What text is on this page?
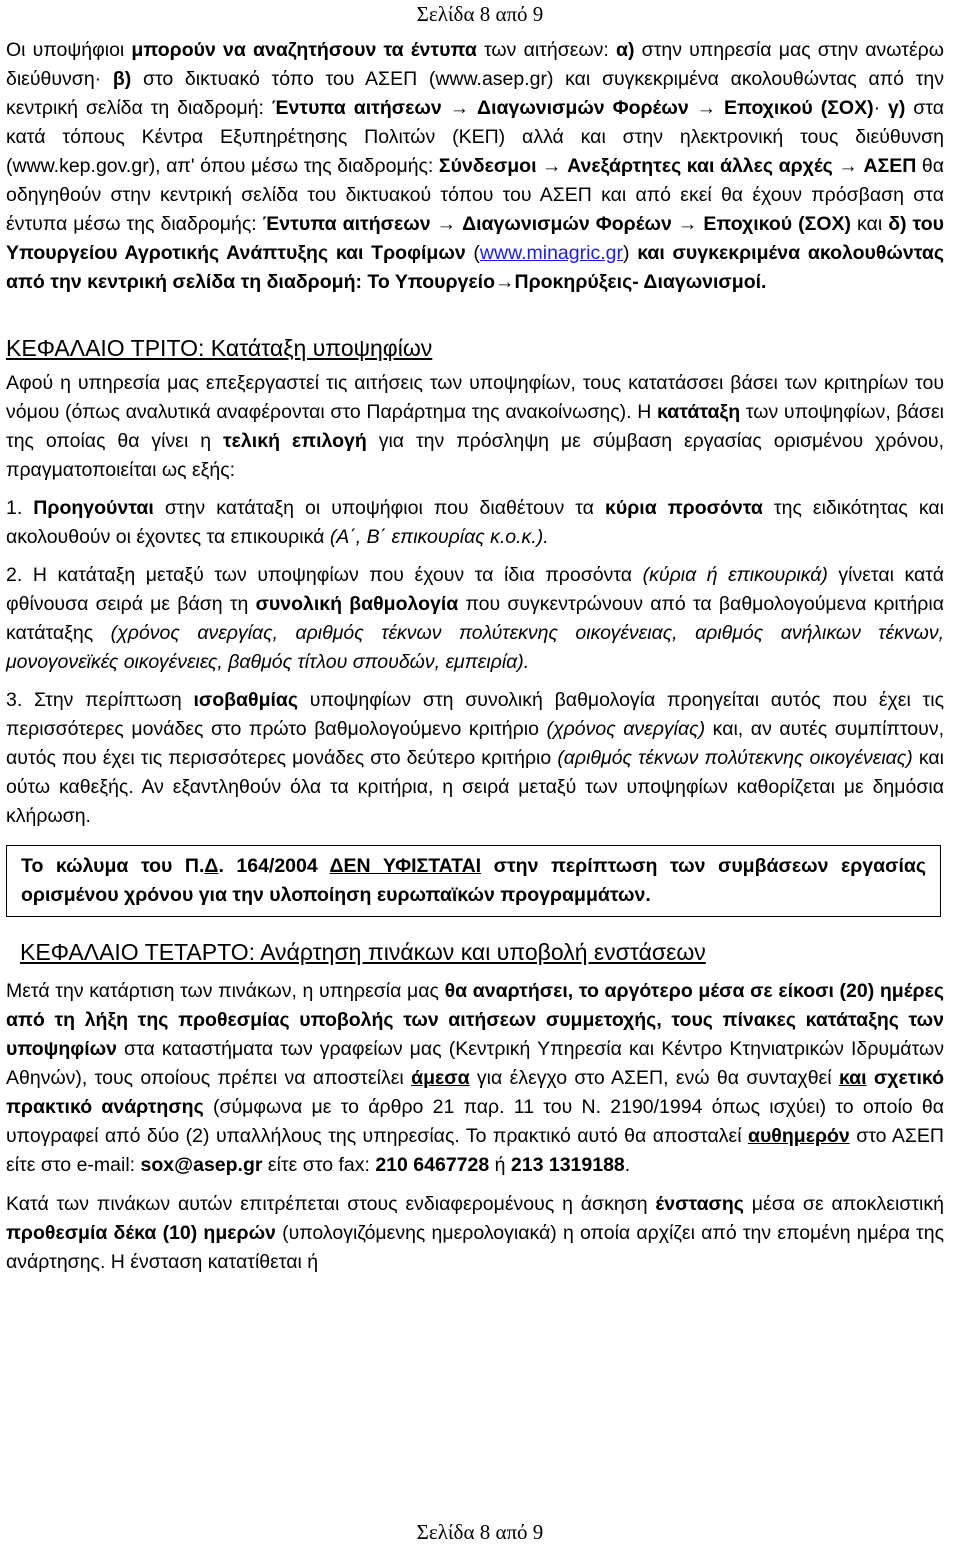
Σελίδα 8 από 9

Οι υποψήφιοι μπορούν να αναζητήσουν τα έντυπα των αιτήσεων: α) στην υπηρεσία μας στην ανωτέρω διεύθυνση· β) στο δικτυακό τόπο του ΑΣΕΠ (www.asep.gr) και συγκεκριμένα ακολουθώντας από την κεντρική σελίδα τη διαδρομή: Έντυπα αιτήσεων → Διαγωνισμών Φορέων → Εποχικού (ΣΟΧ)· γ) στα κατά τόπους Κέντρα Εξυπηρέτησης Πολιτών (ΚΕΠ) αλλά και στην ηλεκτρονική τους διεύθυνση (www.kep.gov.gr), απ' όπου μέσω της διαδρομής: Σύνδεσμοι → Ανεξάρτητες και άλλες αρχές → ΑΣΕΠ θα οδηγηθούν στην κεντρική σελίδα του δικτυακού τόπου του ΑΣΕΠ και από εκεί θα έχουν πρόσβαση στα έντυπα μέσω της διαδρομής: Έντυπα αιτήσεων → Διαγωνισμών Φορέων → Εποχικού (ΣΟΧ) και δ) του Υπουργείου Αγροτικής Ανάπτυξης και Τροφίμων (www.minagric.gr) και συγκεκριμένα ακολουθώντας από την κεντρική σελίδα τη διαδρομή: Το Υπουργείο→Προκηρύξεις- Διαγωνισμοί.

ΚΕΦΑΛΑΙΟ ΤΡΙΤΟ: Κατάταξη υποψηφίων

Αφού η υπηρεσία μας επεξεργαστεί τις αιτήσεις των υποψηφίων, τους κατατάσσει βάσει των κριτηρίων του νόμου (όπως αναλυτικά αναφέρονται στο Παράρτημα της ανακοίνωσης). Η κατάταξη των υποψηφίων, βάσει της οποίας θα γίνει η τελική επιλογή για την πρόσληψη με σύμβαση εργασίας ορισμένου χρόνου, πραγματοποιείται ως εξής:

1. Προηγούνται στην κατάταξη οι υποψήφιοι που διαθέτουν τα κύρια προσόντα της ειδικότητας και ακολουθούν οι έχοντες τα επικουρικά (Α΄, Β΄ επικουρίας κ.ο.κ.).

2. Η κατάταξη μεταξύ των υποψηφίων που έχουν τα ίδια προσόντα (κύρια ή επικουρικά) γίνεται κατά φθίνουσα σειρά με βάση τη συνολική βαθμολογία που συγκεντρώνουν από τα βαθμολογούμενα κριτήρια κατάταξης (χρόνος ανεργίας, αριθμός τέκνων πολύτεκνης οικογένειας, αριθμός ανήλικων τέκνων, μονογονεϊκές οικογένειες, βαθμός τίτλου σπουδών, εμπειρία).

3. Στην περίπτωση ισοβαθμίας υποψηφίων στη συνολική βαθμολογία προηγείται αυτός που έχει τις περισσότερες μονάδες στο πρώτο βαθμολογούμενο κριτήριο (χρόνος ανεργίας) και, αν αυτές συμπίπτουν, αυτός που έχει τις περισσότερες μονάδες στο δεύτερο κριτήριο (αριθμός τέκνων πολύτεκνης οικογένειας) και ούτω καθεξής. Αν εξαντληθούν όλα τα κριτήρια, η σειρά μεταξύ των υποψηφίων καθορίζεται με δημόσια κλήρωση.

Το κώλυμα του Π.Δ. 164/2004 ΔΕΝ ΥΦΙΣΤΑΤΑΙ στην περίπτωση των συμβάσεων εργασίας ορισμένου χρόνου για την υλοποίηση ευρωπαϊκών προγραμμάτων.

ΚΕΦΑΛΑΙΟ ΤΕΤΑΡΤΟ: Ανάρτηση πινάκων και υποβολή ενστάσεων

Μετά την κατάρτιση των πινάκων, η υπηρεσία μας θα αναρτήσει, το αργότερο μέσα σε είκοσι (20) ημέρες από τη λήξη της προθεσμίας υποβολής των αιτήσεων συμμετοχής, τους πίνακες κατάταξης των υποψηφίων στα καταστήματα των γραφείων μας (Κεντρική Υπηρεσία και Κέντρο Κτηνιατρικών Ιδρυμάτων Αθηνών), τους οποίους πρέπει να αποστείλει άμεσα για έλεγχο στο ΑΣΕΠ, ενώ θα συνταχθεί και σχετικό πρακτικό ανάρτησης (σύμφωνα με το άρθρο 21 παρ. 11 του Ν. 2190/1994 όπως ισχύει) το οποίο θα υπογραφεί από δύο (2) υπαλλήλους της υπηρεσίας. Το πρακτικό αυτό θα αποσταλεί αυθημερόν στο ΑΣΕΠ είτε στο e-mail: sox@asep.gr είτε στο fax: 210 6467728 ή 213 1319188.

Κατά των πινάκων αυτών επιτρέπεται στους ενδιαφερομένους η άσκηση ένστασης μέσα σε αποκλειστική προθεσμία δέκα (10) ημερών (υπολογιζόμενης ημερολογιακά) η οποία αρχίζει από την επομένη ημέρα της ανάρτησης. Η ένσταση κατατίθεται ή

Σελίδα 8 από 9
